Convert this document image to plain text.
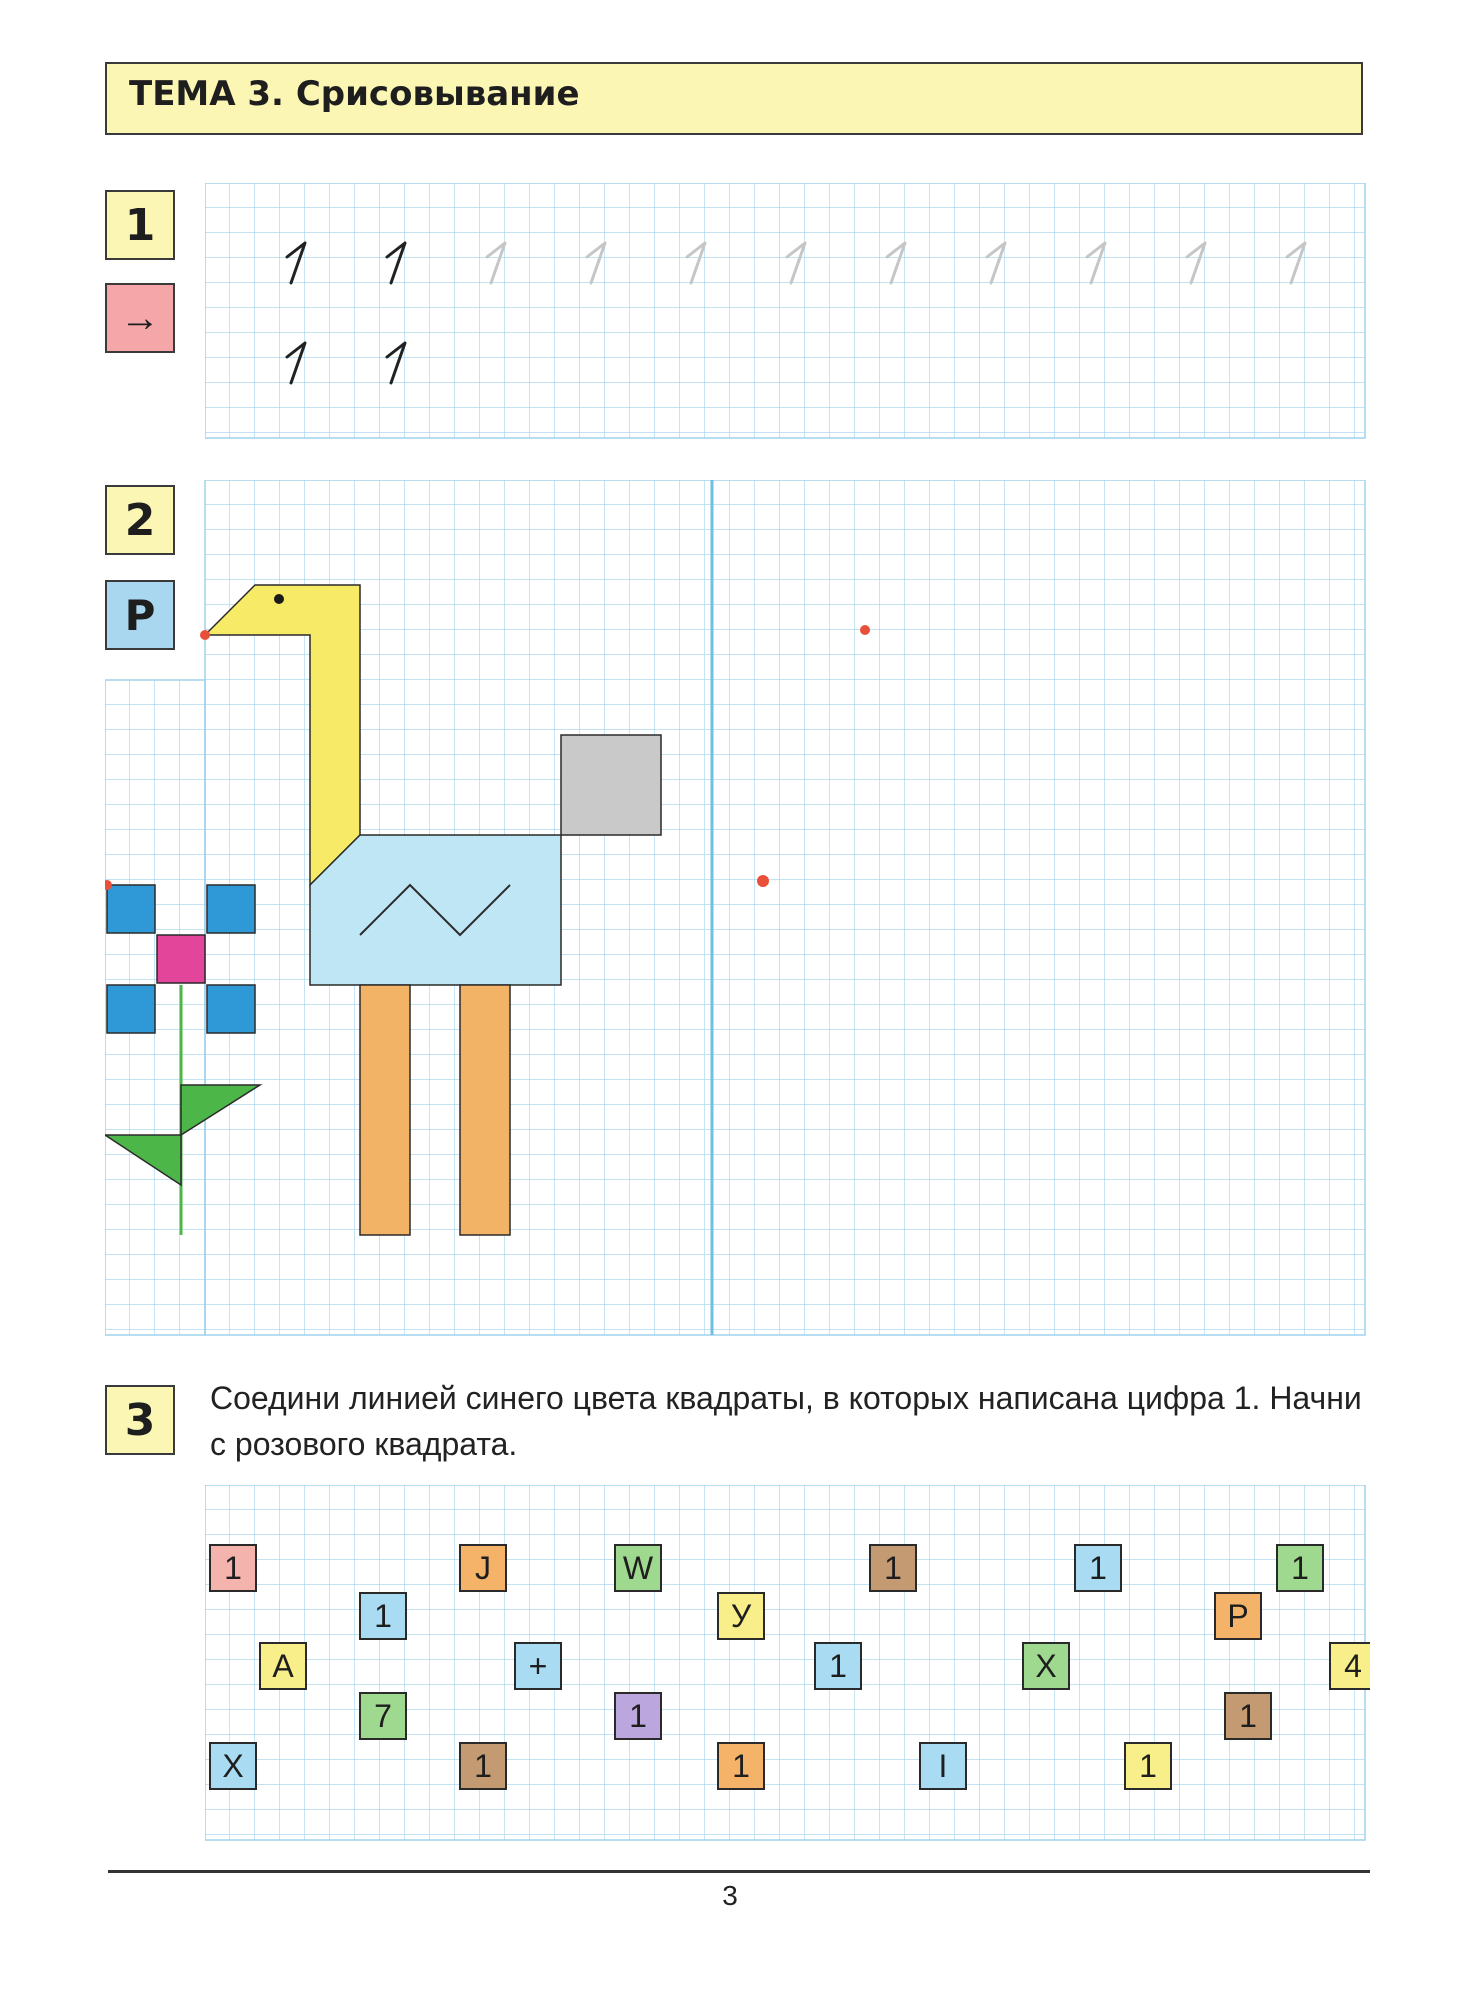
ТЕМА 3. Срисовывание
1
→
2
Р
3	Соедини линией синего цвета квадраты, в которых написана цифра 1. Начни с розового квадрата.
1	J	W	1	1	1
1	У	Р
А	+	1	Х	4
7	1	1
Х	1	1	I	1
3
